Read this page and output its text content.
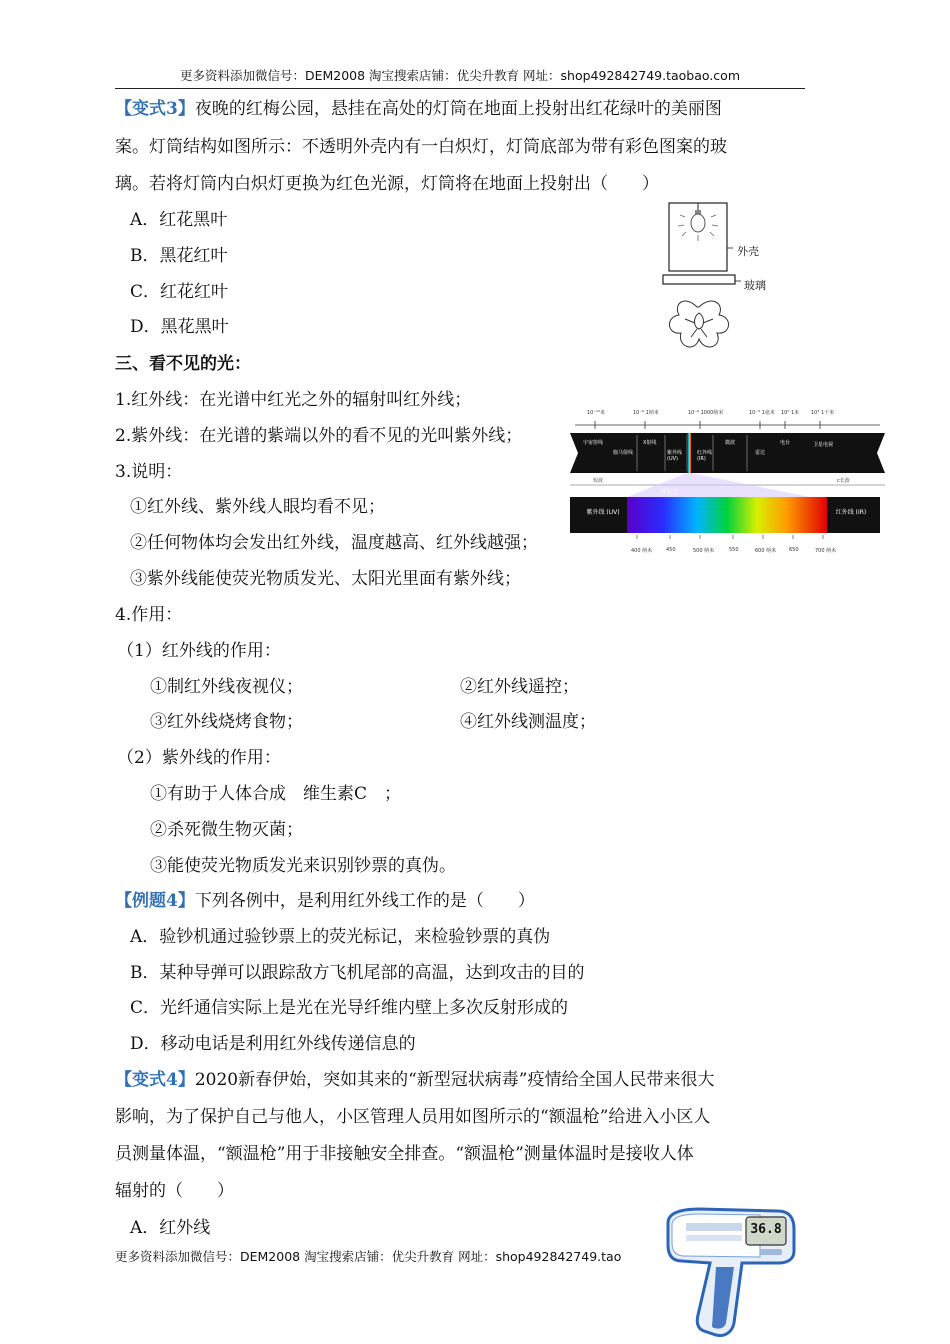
更多资料添加微信号：DEM2008 淘宝搜索店铺：优尖升教育 网址：shop492842749.taobao.com
【变式3】夜晚的红梅公园，悬挂在高处的灯筒在地面上投射出红花绿叶的美丽图
案。灯筒结构如图所示：不透明外壳内有一白炽灯，灯筒底部为带有彩色图案的玻
璃。若将灯筒内白炽灯更换为红色光源，灯筒将在地面上投射出（　　）
A．红花黑叶
B．黑花红叶
C．红花红叶
D．黑花黑叶
外壳
玻璃
三、看不见的光：
1.红外线：在光谱中红光之外的辐射叫红外线；
2.紫外线：在光谱的紫端以外的看不见的光叫紫外线；
3.说明：
①红外线、紫外线人眼均看不见；
②任何物体均会发出红外线，温度越高、红外线越强；
③紫外线能使荧光物质发光、太阳光里面有紫外线；
4.作用：
（1）红外线的作用：
①制红外线夜视仪；	②红外线遥控；
③红外线烧烤食物；	④红外线测温度；
（2）紫外线的作用：
①有助于人体合成　维生素C　；
②杀死微生物灭菌；
③能使荧光物质发光来识别钞票的真伪。
10⁻¹²米	10⁻⁹ 1纳米	10⁻⁶ 1000纳米	10⁻³ 1毫米 10⁰ 1米 10³ 1千米
宇宙射线
伽马射线
X射线
紫外线(UV)
红外线(IR)
微波
雷达
电台	卫星电视
短波	c长波
可见光
紫外线 (UV)	红外线 (IR)
400 纳米	450	500 纳米	550	600 纳米	650	700 纳米
【例题4】下列各例中，是利用红外线工作的是（　　）
A．验钞机通过验钞票上的荧光标记，来检验钞票的真伪
B．某种导弹可以跟踪敌方飞机尾部的高温，达到攻击的目的
C．光纤通信实际上是光在光导纤维内壁上多次反射形成的
D．移动电话是利用红外线传递信息的
【变式4】2020新春伊始，突如其来的“新型冠状病毒”疫情给全国人民带来很大
影响，为了保护自己与他人，小区管理人员用如图所示的“额温枪”给进入小区人
员测量体温，“额温枪”用于非接触安全排查。“额温枪”测量体温时是接收人体
辐射的（　　）
A．红外线	36.8
更多资料添加微信号：DEM2008 淘宝搜索店铺：优尖升教育 网址：shop492842749.tao
